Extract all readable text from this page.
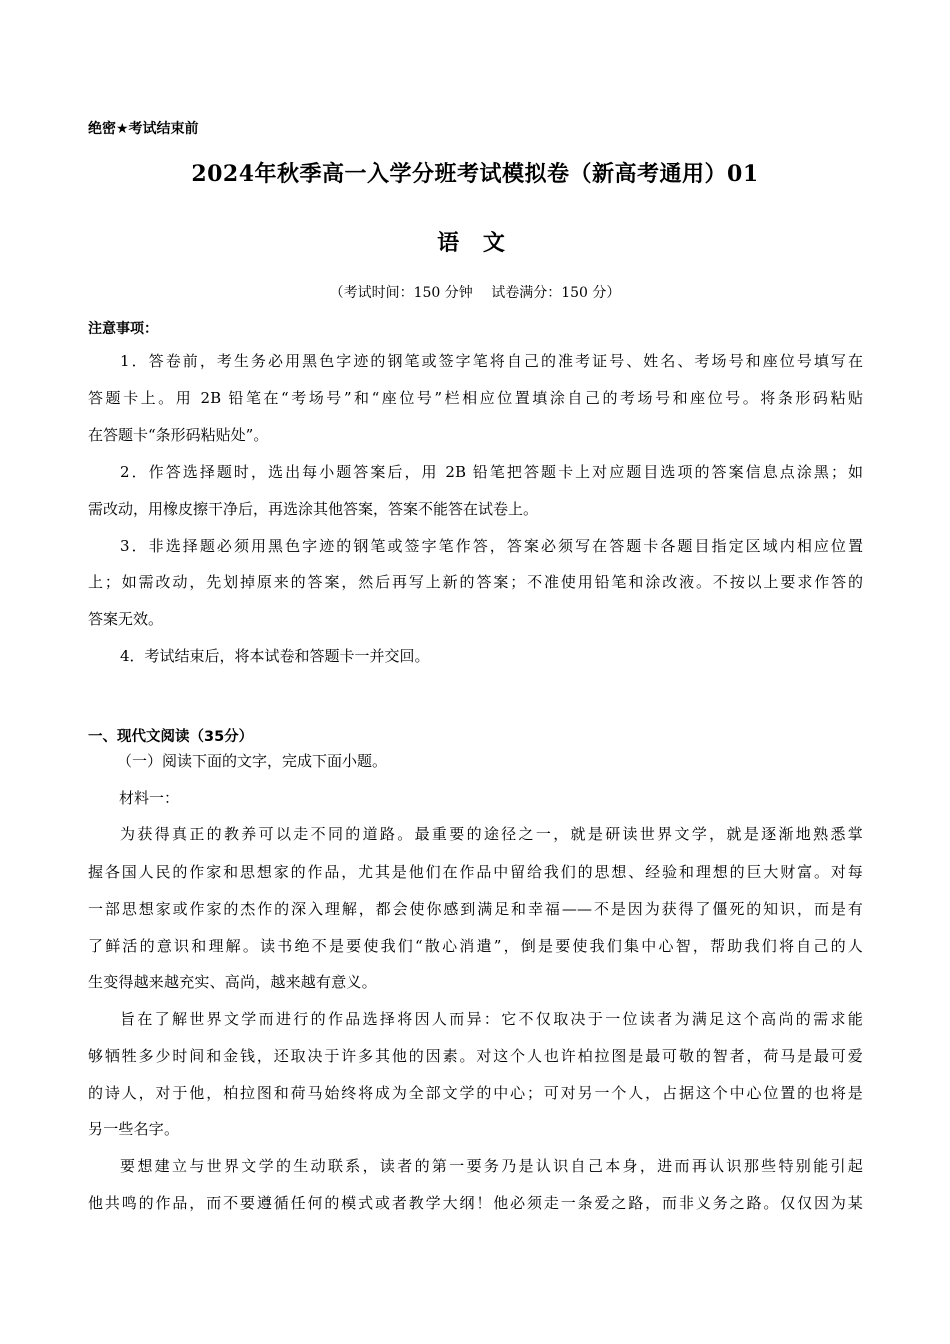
绝密★考试结束前
2024年秋季高一入学分班考试模拟卷（新高考通用）01
语 文
（考试时间：150 分钟　 试卷满分：150 分）
注意事项：
1．答卷前，考生务必用黑色字迹的钢笔或签字笔将自己的准考证号、姓名、考场号和座位号填写在
答题卡上。用 2B 铅笔在“考场号”和“座位号”栏相应位置填涂自己的考场号和座位号。将条形码粘贴
在答题卡“条形码粘贴处”。
2．作答选择题时，选出每小题答案后，用 2B 铅笔把答题卡上对应题目选项的答案信息点涂黑；如
需改动，用橡皮擦干净后，再选涂其他答案，答案不能答在试卷上。
3．非选择题必须用黑色字迹的钢笔或签字笔作答，答案必须写在答题卡各题目指定区域内相应位置
上；如需改动，先划掉原来的答案，然后再写上新的答案；不准使用铅笔和涂改液。不按以上要求作答的
答案无效。
4．考试结束后，将本试卷和答题卡一并交回。
一、现代文阅读（35分）
（一）阅读下面的文字，完成下面小题。
材料一：
为获得真正的教养可以走不同的道路。最重要的途径之一，就是研读世界文学，就是逐渐地熟悉掌
握各国人民的作家和思想家的作品，尤其是他们在作品中留给我们的思想、经验和理想的巨大财富。对每
一部思想家或作家的杰作的深入理解，都会使你感到满足和幸福——不是因为获得了僵死的知识，而是有
了鲜活的意识和理解。读书绝不是要使我们“散心消遣”，倒是要使我们集中心智，帮助我们将自己的人
生变得越来越充实、高尚，越来越有意义。
旨在了解世界文学而进行的作品选择将因人而异：它不仅取决于一位读者为满足这个高尚的需求能
够牺牲多少时间和金钱，还取决于许多其他的因素。对这个人也许柏拉图是最可敬的智者，荷马是最可爱
的诗人，对于他，柏拉图和荷马始终将成为全部文学的中心；可对另一个人，占据这个中心位置的也将是
另一些名字。
要想建立与世界文学的生动联系，读者的第一要务乃是认识自己本身，进而再认识那些特别能引起
他共鸣的作品，而不要遵循任何的模式或者教学大纲！他必须走一条爱之路，而非义务之路。仅仅因为某
